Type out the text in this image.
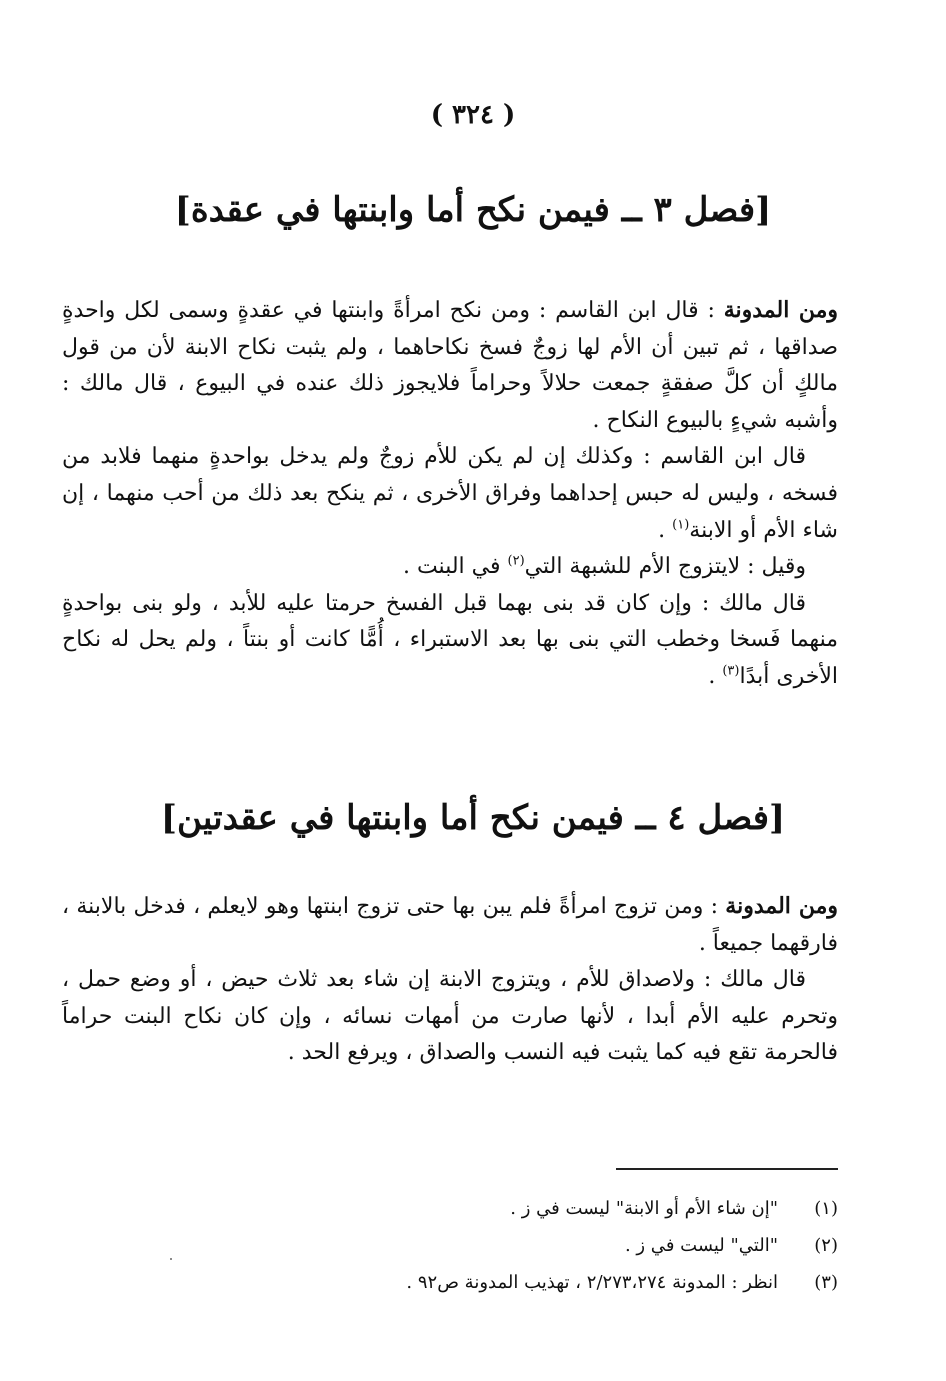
( ٣٢٤ )
[فصل ٣ ــ فيمن نكح أما وابنتها في عقدة]

ومن المدونة : قال ابن القاسم : ومن نكح امرأةً وابنتها في عقدةٍ وسمى لكل واحدةٍ صداقها ، ثم تبين أن الأم لها زوجٌ فسخ نكاحاهما ، ولم يثبت نكاح الابنة لأن من قول مالكٍ أن كلَّ صفقةٍ جمعت حلالاً وحراماً فلايجوز ذلك عنده في البيوع ، قال مالك : وأشبه شيءٍ بالبيوع النكاح .

قال ابن القاسم : وكذلك إن لم يكن للأم زوجٌ ولم يدخل بواحدةٍ منهما فلابد من فسخه ، وليس له حبس إحداهما وفراق الأخرى ، ثم ينكح بعد ذلك من أحب منهما ، إن شاء الأم أو الابنة$^{(١)}$ .

وقيل : لايتزوج الأم للشبهة التي$^{(٢)}$ في البنت .

قال مالك : وإن كان قد بنى بهما قبل الفسخ حرمتا عليه للأبد ، ولو بنى بواحدةٍ منهما فَسخا وخطب التي بنى بها بعد الاستبراء ، أُمًّا كانت أو بنتاً ، ولم يحل له نكاح الأخرى أبدًا$^{(٣)}$ .

[فصل ٤ ــ فيمن نكح أما وابنتها في عقدتين]

ومن المدونة : ومن تزوج امرأةً فلم يبن بها حتى تزوج ابنتها وهو لايعلم ، فدخل بالابنة ، فارقهما جميعاً .

قال مالك : ولاصداق للأم ، ويتزوج الابنة إن شاء بعد ثلاث حيض ، أو وضع حمل ، وتحرم عليه الأم أبدا ، لأنها صارت من أمهات نسائه ، وإن كان نكاح البنت حراماً فالحرمة تقع فيه كما يثبت فيه النسب والصداق ، ويرفع الحد .

(١)
"إن شاء الأم أو الابنة" ليست في ز .
(٢)
"التي" ليست في ز .
(٣)
انظر : المدونة ٢/٢٧٣،٢٧٤ ، تهذيب المدونة ص٩٢ .
